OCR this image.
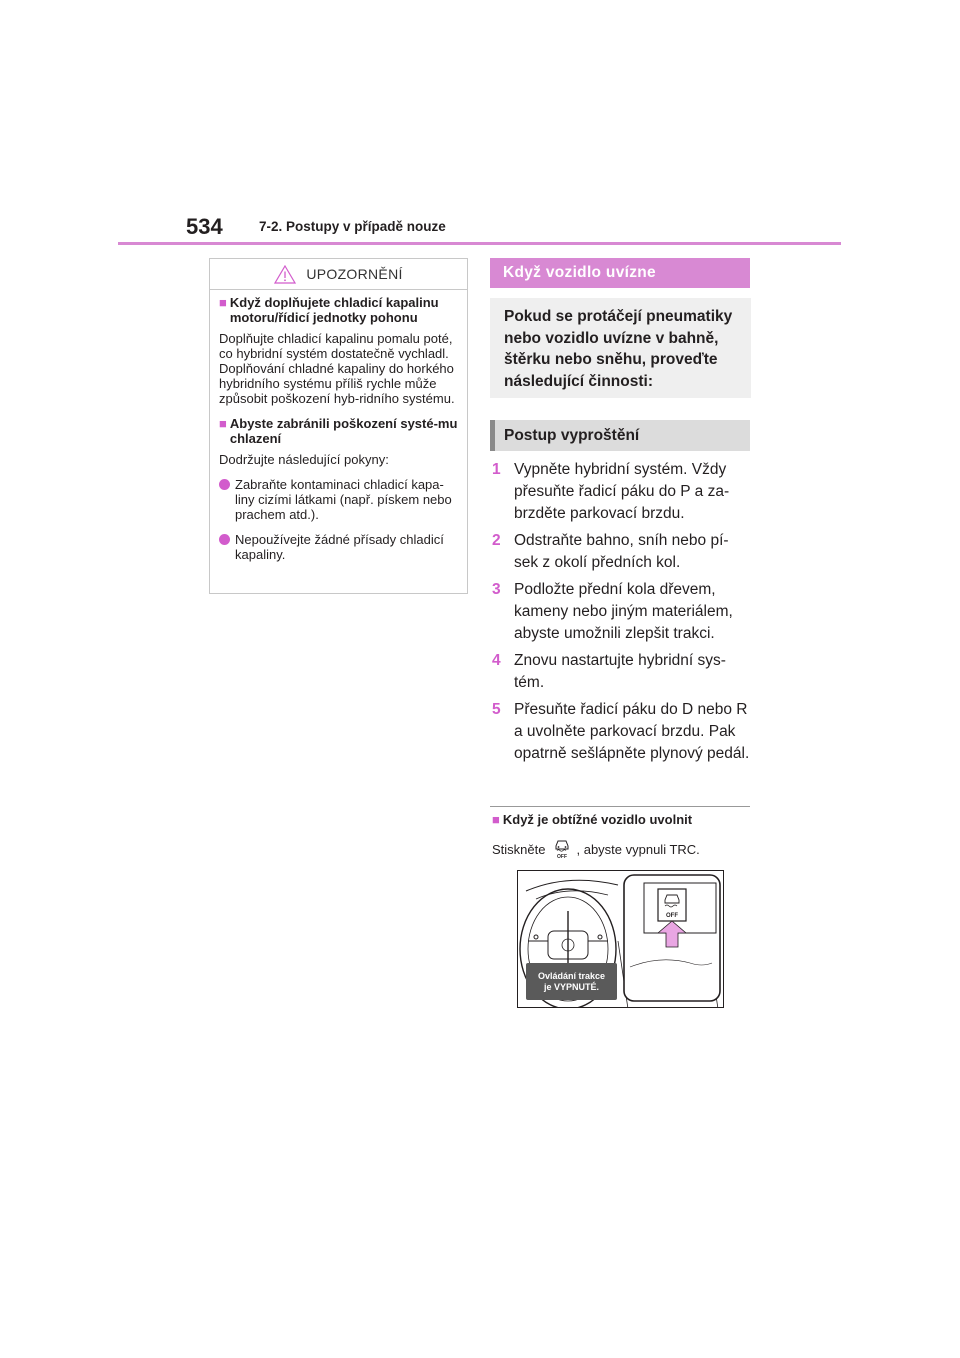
534	7-2. Postupy v případě nouze
UPOZORNĚNÍ
■ Když doplňujete chladicí kapalinu motoru/řídicí jednotky pohonu
Doplňujte chladicí kapalinu pomalu poté, co hybridní systém dostatečně vychladl. Doplňování chladné kapaliny do horkého hybridního systému příliš rychle může způsobit poškození hyb-ridního systému.
■ Abyste zabránili poškození systé-mu chlazení
Dodržujte následující pokyny:
Zabraňte kontaminaci chladicí kapa-liny cizími látkami (např. pískem nebo prachem atd.).
Nepoužívejte žádné přísady chladicí kapaliny.
Když vozidlo uvízne
Pokud se protáčejí pneumatiky nebo vozidlo uvízne v bahně, štěrku nebo sněhu, proveďte následující činnosti:
Postup vyproštění
1 Vypněte hybridní systém. Vždy přesuňte řadicí páku do P a za-brzděte parkovací brzdu.
2 Odstraňte bahno, sníh nebo pí-sek z okolí předních kol.
3 Podložte přední kola dřevem, kameny nebo jiným materiálem, abyste umožnili zlepšit trakci.
4 Znovu nastartujte hybridní sys-tém.
5 Přesuňte řadicí páku do D nebo R a uvolněte parkovací brzdu. Pak opatrně sešlápněte plynový pedál.
■ Když je obtížné vozidlo uvolnit
Stiskněte
OFF
, abyste vypnuli TRC.
OFF
Ovládání trakce
je VYPNUTÉ.
